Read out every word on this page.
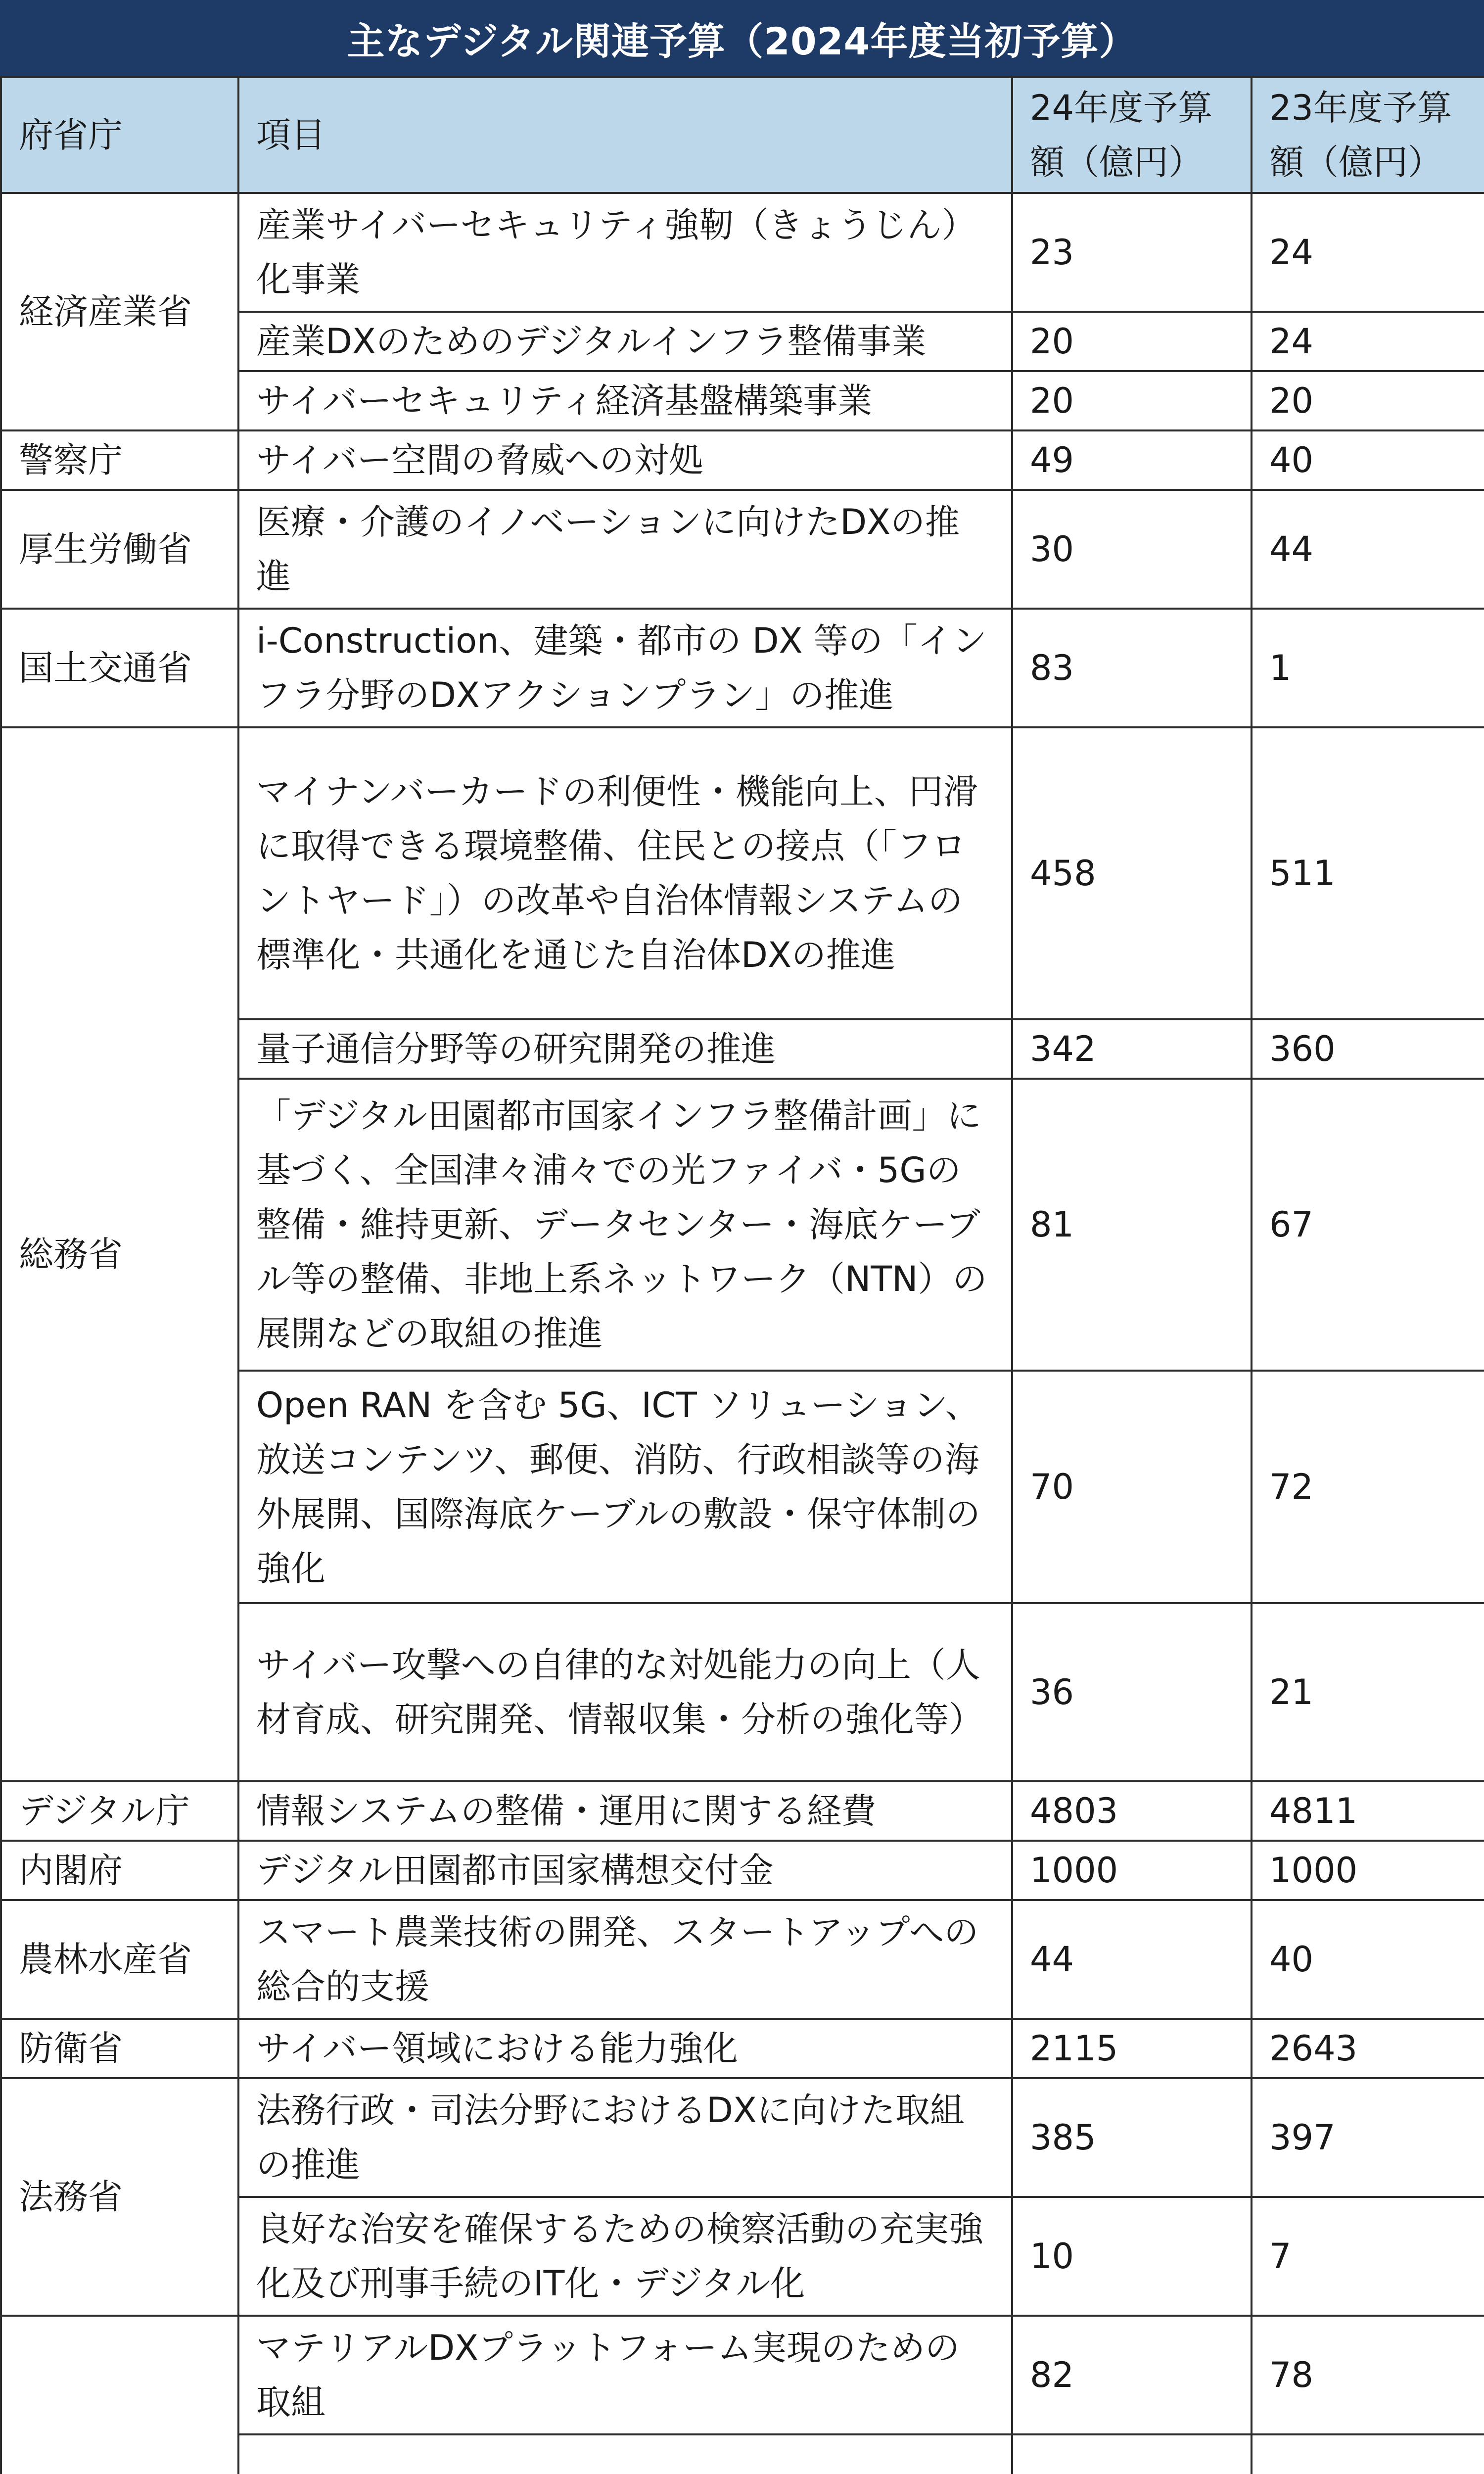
主なデジタル関連予算（2024年度当初予算）
府省庁	項目	24年度予算額（億円）	23年度予算額（億円）
経済産業省	産業サイバーセキュリティ強靭（きょうじん）化事業	23	24
	産業DXのためのデジタルインフラ整備事業	20	24
	サイバーセキュリティ経済基盤構築事業	20	20
警察庁	サイバー空間の脅威への対処	49	40
厚生労働省	医療・介護のイノベーションに向けたDXの推進	30	44
国土交通省	i-Construction、建築・都市の DX 等の「インフラ分野のDXアクションプラン」の推進	83	1
総務省	マイナンバーカードの利便性・機能向上、円滑に取得できる環境整備、住民との接点（「フロントヤード」）の改革や自治体情報システムの標準化・共通化を通じた自治体DXの推進	458	511
	量子通信分野等の研究開発の推進	342	360
	「デジタル田園都市国家インフラ整備計画」に基づく、全国津々浦々での光ファイバ・5Gの整備・維持更新、データセンター・海底ケーブル等の整備、非地上系ネットワーク（NTN）の展開などの取組の推進	81	67
	Open RAN を含む 5G、ICT ソリューション、放送コンテンツ、郵便、消防、行政相談等の海外展開、国際海底ケーブルの敷設・保守体制の強化	70	72
	サイバー攻撃への自律的な対処能力の向上（人材育成、研究開発、情報収集・分析の強化等）	36	21
デジタル庁	情報システムの整備・運用に関する経費	4803	4811
内閣府	デジタル田園都市国家構想交付金	1000	1000
農林水産省	スマート農業技術の開発、スタートアップへの総合的支援	44	40
防衛省	サイバー領域における能力強化	2115	2643
法務省	法務行政・司法分野におけるDXに向けた取組の推進	385	397
	良好な治安を確保するための検察活動の充実強化及び刑事手続のIT化・デジタル化	10	7
	マテリアルDXプラットフォーム実現のための取組	82	78
